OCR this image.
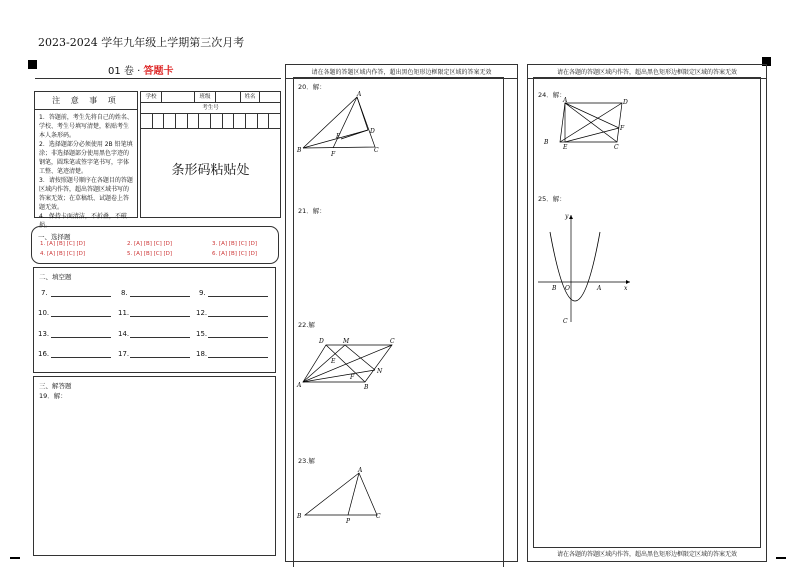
2023-2024 学年九年级上学期第三次月考
01 卷 · 答题卡
注 意 事 项
1．答题前，考生先将自己的姓名、学校、考生号填写清楚，粘贴考生本人条形码。
2．选择题部分必须使用 2B 铅笔填涂；非选择题部分使用黑色字迹的钢笔，圆珠笔或签字笔书写，字体工整、笔迹清楚。
3．请按照题号顺序在各题目的答题区域内作答，超出答题区域书写的答案无效；在草稿纸、试题卷上答题无效。
4．保持卡面清洁，不折叠，不破损。
学校	班级	姓名
考生号
条形码粘贴处
一、选择题
1. [A] [B] [C] [D]	2. [A] [B] [C] [D]	3. [A] [B] [C] [D]
4. [A] [B] [C] [D]	5. [A] [B] [C] [D]	6. [A] [B] [C] [D]
二、填空题
7.	8.	9.
10.	11.	12.
13.	14.	15.
16.	17.	18.
三、解答题
19．解：
请在各题的答题区域内作答，超出黑色矩形边框限定区域的答案无效
20．解：
21．解：
22.解
23.解
A
B	C
D
E
F
D	M	C
E
N
F
A	B
A
B
P
C
请在各题的答题区域内作答，超出黑色矩形边框限定区域的答案无效
24．解：
25．解：
请在各题的答题区域内作答，超出黑色矩形边框限定区域的答案无效
A	D
F
B
E	C
y
B O	A	x
C
